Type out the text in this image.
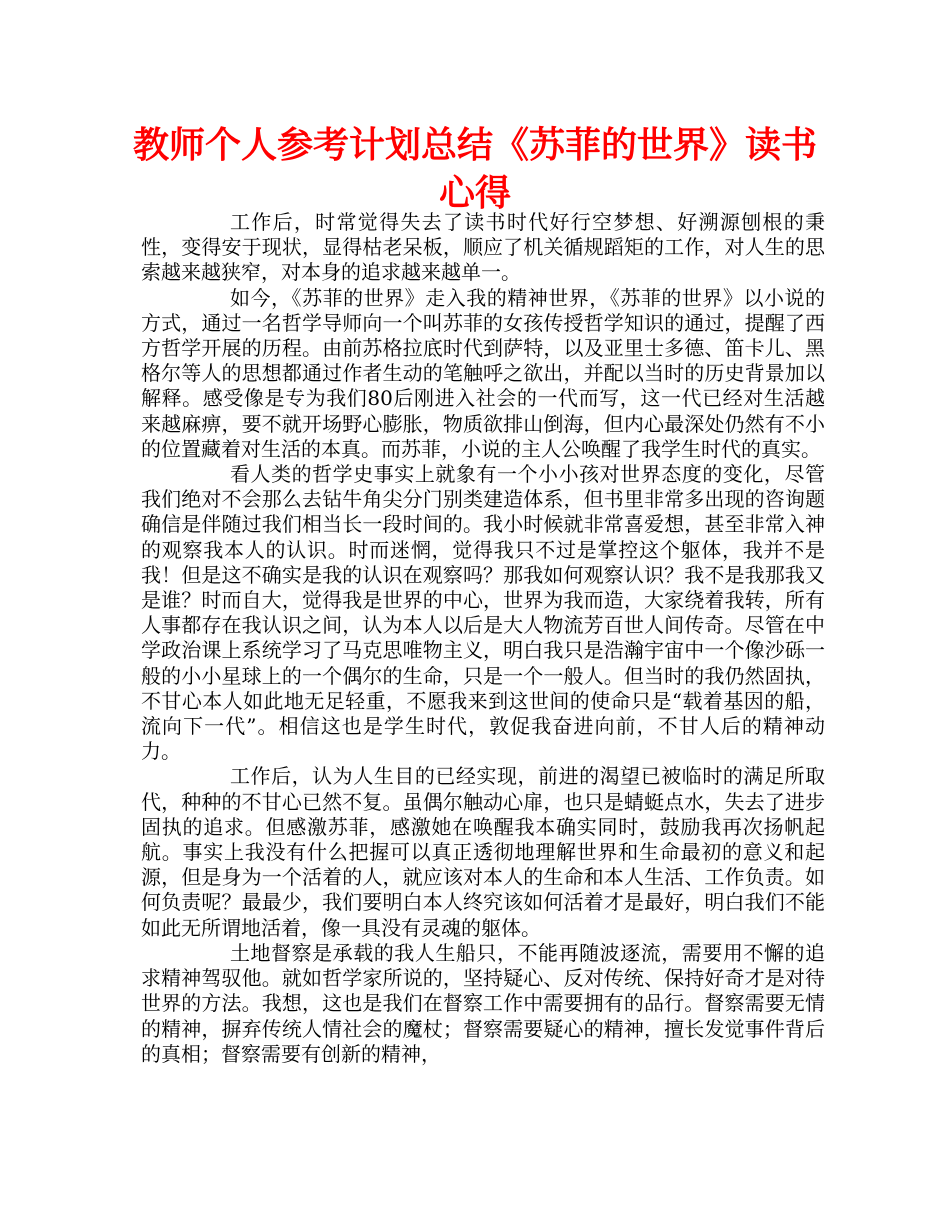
教师个人参考计划总结《苏菲的世界》读书心得

工作后，时常觉得失去了读书时代好行空梦想、好溯源刨根的秉性，变得安于现状，显得枯老呆板，顺应了机关循规蹈矩的工作，对人生的思索越来越狭窄，对本身的追求越来越单一。

如今，《苏菲的世界》走入我的精神世界，《苏菲的世界》以小说的方式，通过一名哲学导师向一个叫苏菲的女孩传授哲学知识的通过，提醒了西方哲学开展的历程。由前苏格拉底时代到萨特，以及亚里士多德、笛卡儿、黑格尔等人的思想都通过作者生动的笔触呼之欲出，并配以当时的历史背景加以解释。感受像是专为我们80后刚进入社会的一代而写，这一代已经对生活越来越麻痹，要不就开场野心膨胀，物质欲排山倒海，但内心最深处仍然有不小的位置藏着对生活的本真。而苏菲，小说的主人公唤醒了我学生时代的真实。

看人类的哲学史事实上就象有一个小小孩对世界态度的变化，尽管我们绝对不会那么去钻牛角尖分门别类建造体系，但书里非常多出现的咨询题确信是伴随过我们相当长一段时间的。我小时候就非常喜爱想，甚至非常入神的观察我本人的认识。时而迷惘，觉得我只不过是掌控这个躯体，我并不是我！但是这不确实是我的认识在观察吗？那我如何观察认识？我不是我那我又是谁？时而自大，觉得我是世界的中心，世界为我而造，大家绕着我转，所有人事都存在我认识之间，认为本人以后是大人物流芳百世人间传奇。尽管在中学政治课上系统学习了马克思唯物主义，明白我只是浩瀚宇宙中一个像沙砾一般的小小星球上的一个偶尔的生命，只是一个一般人。但当时的我仍然固执，不甘心本人如此地无足轻重，不愿我来到这世间的使命只是“载着基因的船，流向下一代”。相信这也是学生时代，敦促我奋进向前，不甘人后的精神动力。

工作后，认为人生目的已经实现，前进的渴望已被临时的满足所取代，种种的不甘心已然不复。虽偶尔触动心扉，也只是蜻蜓点水，失去了进步固执的追求。但感激苏菲，感激她在唤醒我本确实同时，鼓励我再次扬帆起航。事实上我没有什么把握可以真正透彻地理解世界和生命最初的意义和起源，但是身为一个活着的人，就应该对本人的生命和本人生活、工作负责。如何负责呢？最最少，我们要明白本人终究该如何活着才是最好，明白我们不能如此无所谓地活着，像一具没有灵魂的躯体。

土地督察是承载的我人生船只，不能再随波逐流，需要用不懈的追求精神驾驭他。就如哲学家所说的，坚持疑心、反对传统、保持好奇才是对待世界的方法。我想，这也是我们在督察工作中需要拥有的品行。督察需要无情的精神，摒弃传统人情社会的魔杖；督察需要疑心的精神，擅长发觉事件背后的真相；督察需要有创新的精神，
